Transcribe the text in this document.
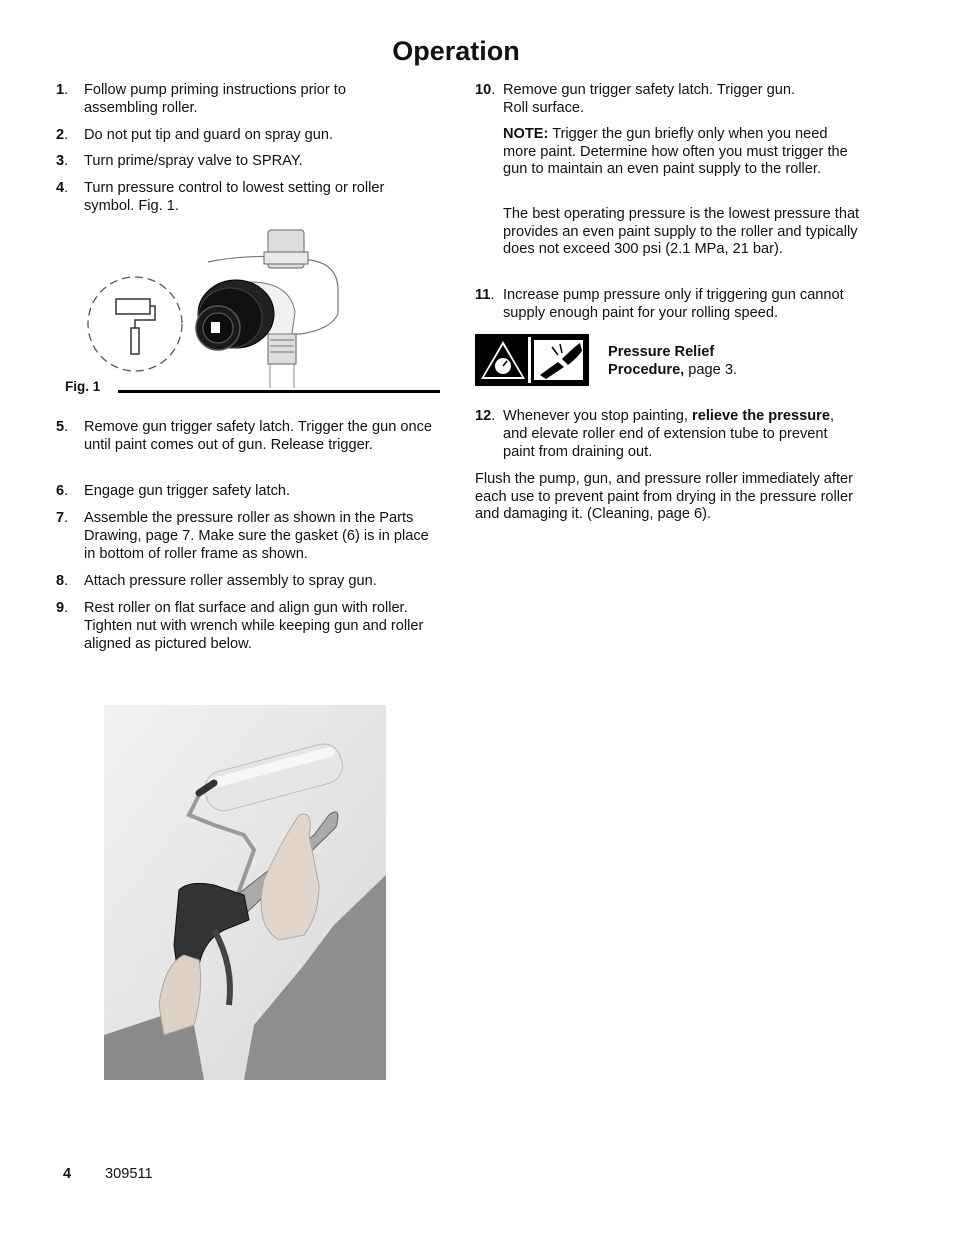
Operation
1. Follow pump priming instructions prior to assembling roller.
2. Do not put tip and guard on spray gun.
3. Turn prime/spray valve to SPRAY.
4. Turn pressure control to lowest setting or roller symbol. Fig. 1.
Fig. 1
5. Remove gun trigger safety latch. Trigger the gun once until paint comes out of gun. Release trigger.
6. Engage gun trigger safety latch.
7. Assemble the pressure roller as shown in the Parts Drawing, page 7. Make sure the gasket (6) is in place in bottom of roller frame as shown.
8. Attach pressure roller assembly to spray gun.
9. Rest roller on flat surface and align gun with roller. Tighten nut with wrench while keeping gun and roller aligned as pictured below.
10. Remove gun trigger safety latch. Trigger gun. Roll surface.
NOTE: Trigger the gun briefly only when you need more paint. Determine how often you must trigger the gun to maintain an even paint supply to the roller.
The best operating pressure is the lowest pressure that provides an even paint supply to the roller and typically does not exceed 300 psi (2.1 MPa, 21 bar).
11. Increase pump pressure only if triggering gun cannot supply enough paint for your rolling speed.
Pressure Relief Procedure, page 3.
12. Whenever you stop painting, relieve the pressure, and elevate roller end of extension tube to prevent paint from draining out.
Flush the pump, gun, and pressure roller immediately after each use to prevent paint from drying in the pressure roller and damaging it. (Cleaning, page 6).
4 309511
